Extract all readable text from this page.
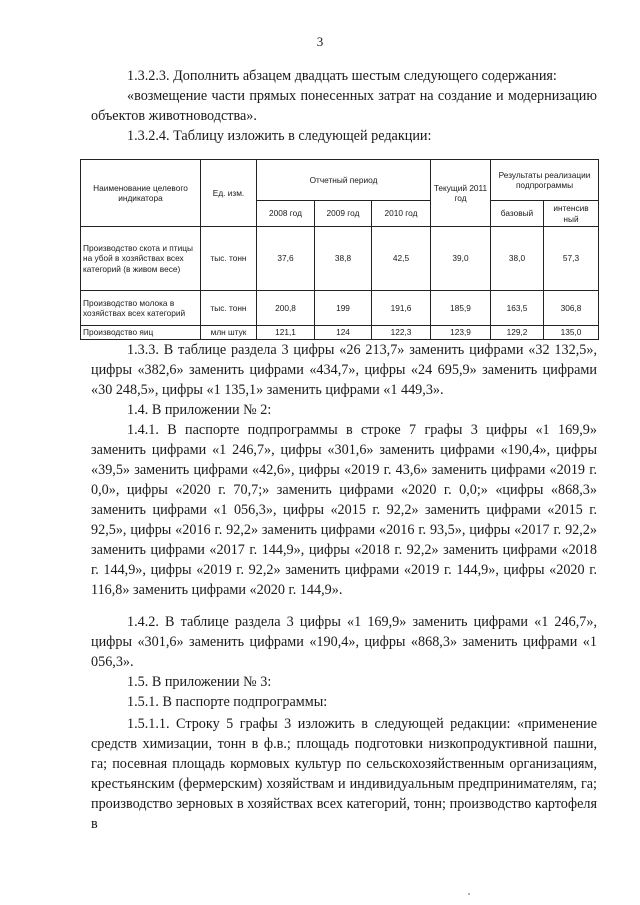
3

1.3.2.3. Дополнить абзацем двадцать шестым следующего содержания:

«возмещение части прямых понесенных затрат на создание и модернизацию объектов животноводства».

1.3.2.4. Таблицу изложить в следующей редакции:

Наименование целевого индикатора	Ед. изм.	Отчетный период			Текущий 2011 год	Результаты реализации подпрограммы	
		2008 год	2009 год	2010 год		базовый	интенсив ный
Производство скота и птицы на убой в хозяйствах всех категорий (в живом весе)	тыс. тонн	37,6	38,8	42,5	39,0	38,0	57,3
Производство молока в хозяйствах всех категорий	тыс. тонн	200,8	199	191,6	185,9	163,5	306,8
Производство яиц	млн штук	121,1	124	122,3	123,9	129,2	135,0

1.3.3. В таблице раздела 3 цифры «26 213,7» заменить цифрами «32 132,5», цифры «382,6» заменить цифрами «434,7», цифры «24 695,9» заменить цифрами «30 248,5», цифры «1 135,1» заменить цифрами «1 449,3».

1.4. В приложении № 2:

1.4.1. В паспорте подпрограммы в строке 7 графы 3 цифры «1 169,9» заменить цифрами «1 246,7», цифры «301,6» заменить цифрами «190,4», цифры «39,5» заменить цифрами «42,6», цифры «2019 г. 43,6» заменить цифрами «2019 г. 0,0», цифры «2020 г. 70,7;» заменить цифрами «2020 г. 0,0;» «цифры «868,3» заменить цифрами «1 056,3», цифры «2015 г. 92,2» заменить цифрами «2015 г. 92,5», цифры «2016 г. 92,2» заменить цифрами «2016 г. 93,5», цифры «2017 г. 92,2» заменить цифрами «2017 г. 144,9», цифры «2018 г. 92,2» заменить цифрами «2018 г. 144,9», цифры «2019 г. 92,2» заменить цифрами «2019 г. 144,9», цифры «2020 г. 116,8» заменить цифрами «2020 г. 144,9».

1.4.2. В таблице раздела 3 цифры «1 169,9» заменить цифрами «1 246,7», цифры «301,6» заменить цифрами «190,4», цифры «868,3» заменить цифрами «1 056,3».

1.5. В приложении № 3:

1.5.1. В паспорте подпрограммы:

1.5.1.1. Строку 5 графы 3 изложить в следующей редакции: «применение средств химизации, тонн в ф.в.; площадь подготовки низкопродуктивной пашни, га; посевная площадь кормовых культур по сельскохозяйственным организациям, крестьянским (фермерским) хозяйствам и индивидуальным предпринимателям, га; производство зерновых в хозяйствах всех категорий, тонн; производство картофеля в
